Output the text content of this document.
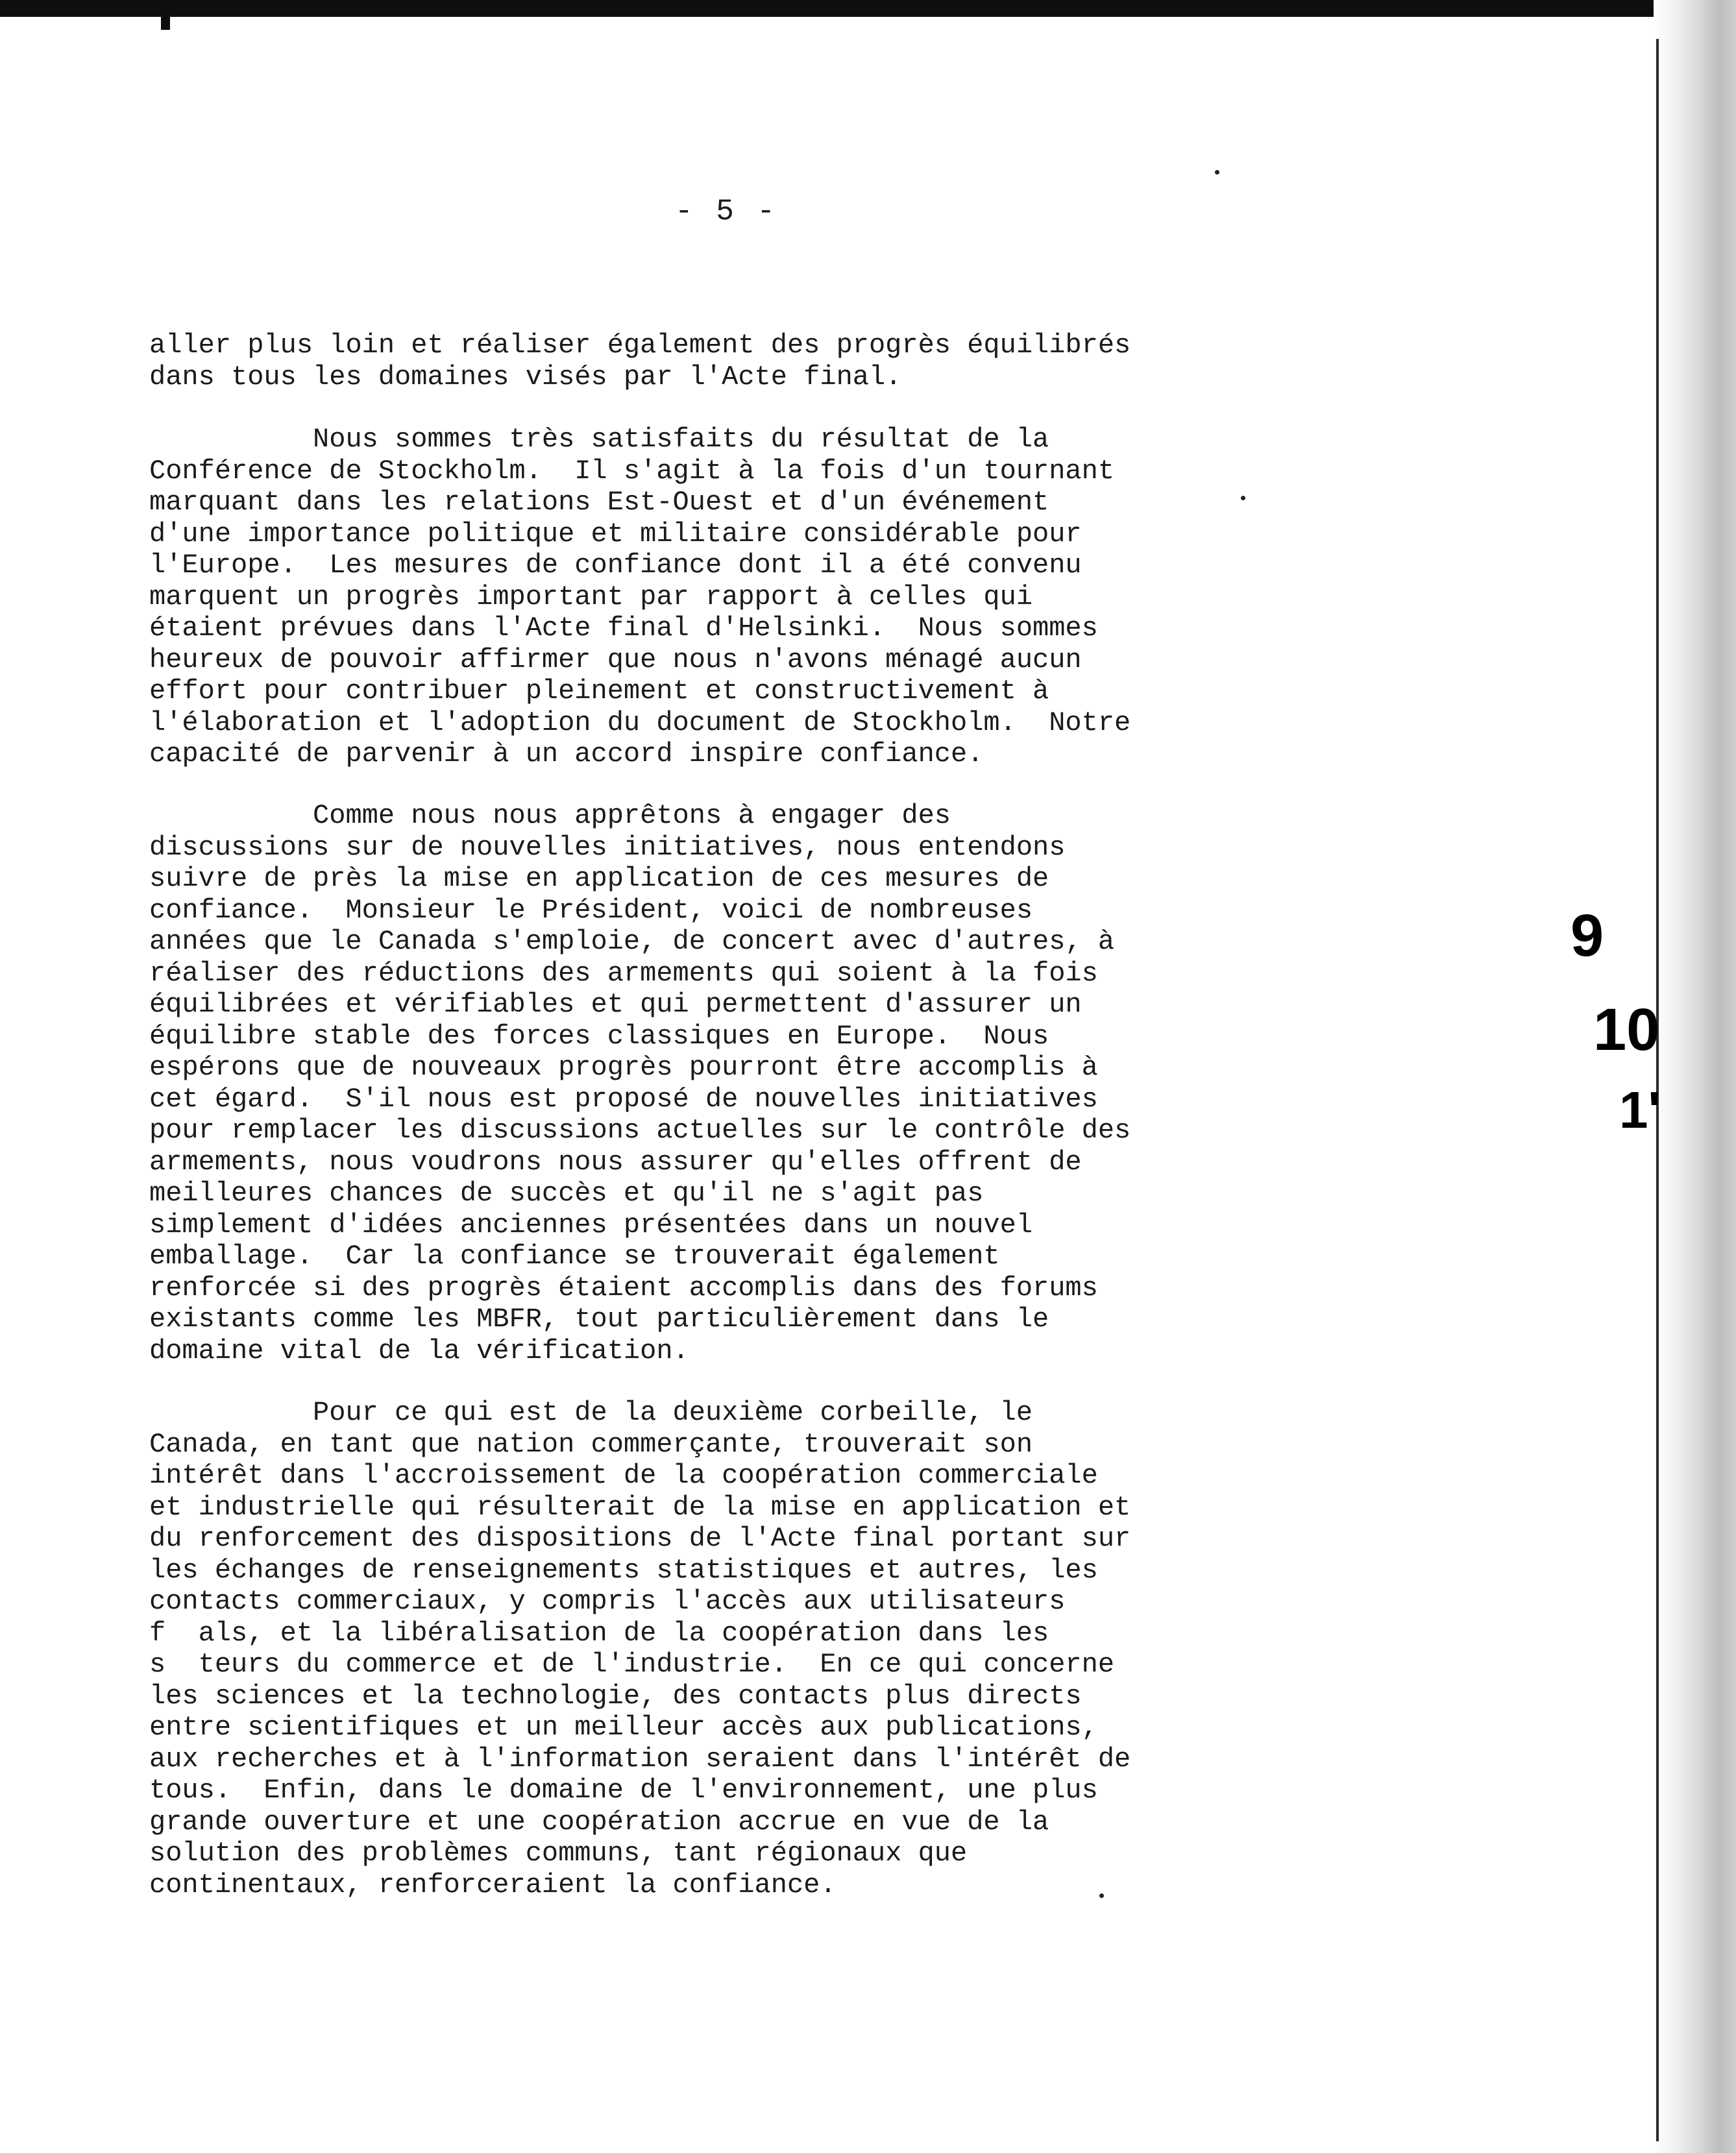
- 5 -
aller plus loin et réaliser également des progrès équilibrés
dans tous les domaines visés par l'Acte final.
Nous sommes très satisfaits du résultat de la
Conférence de Stockholm.  Il s'agit à la fois d'un tournant
marquant dans les relations Est-Ouest et d'un événement
d'une importance politique et militaire considérable pour
l'Europe.  Les mesures de confiance dont il a été convenu
marquent un progrès important par rapport à celles qui
étaient prévues dans l'Acte final d'Helsinki.  Nous sommes
heureux de pouvoir affirmer que nous n'avons ménagé aucun
effort pour contribuer pleinement et constructivement à
l'élaboration et l'adoption du document de Stockholm.  Notre
capacité de parvenir à un accord inspire confiance.
Comme nous nous apprêtons à engager des
discussions sur de nouvelles initiatives, nous entendons
suivre de près la mise en application de ces mesures de
confiance.  Monsieur le Président, voici de nombreuses
années que le Canada s'emploie, de concert avec d'autres, à
réaliser des réductions des armements qui soient à la fois
équilibrées et vérifiables et qui permettent d'assurer un
équilibre stable des forces classiques en Europe.  Nous
espérons que de nouveaux progrès pourront être accomplis à
cet égard.  S'il nous est proposé de nouvelles initiatives
pour remplacer les discussions actuelles sur le contrôle des
armements, nous voudrons nous assurer qu'elles offrent de
meilleures chances de succès et qu'il ne s'agit pas
simplement d'idées anciennes présentées dans un nouvel
emballage.  Car la confiance se trouverait également
renforcée si des progrès étaient accomplis dans des forums
existants comme les MBFR, tout particulièrement dans le
domaine vital de la vérification.
Pour ce qui est de la deuxième corbeille, le
Canada, en tant que nation commerçante, trouverait son
intérêt dans l'accroissement de la coopération commerciale
et industrielle qui résulterait de la mise en application et
du renforcement des dispositions de l'Acte final portant sur
les échanges de renseignements statistiques et autres, les
contacts commerciaux, y compris l'accès aux utilisateurs
f  als, et la libéralisation de la coopération dans les
s  teurs du commerce et de l'industrie.  En ce qui concerne
les sciences et la technologie, des contacts plus directs
entre scientifiques et un meilleur accès aux publications,
aux recherches et à l'information seraient dans l'intérêt de
tous.  Enfin, dans le domaine de l'environnement, une plus
grande ouverture et une coopération accrue en vue de la
solution des problèmes communs, tant régionaux que
continentaux, renforceraient la confiance.
9
10
1'
